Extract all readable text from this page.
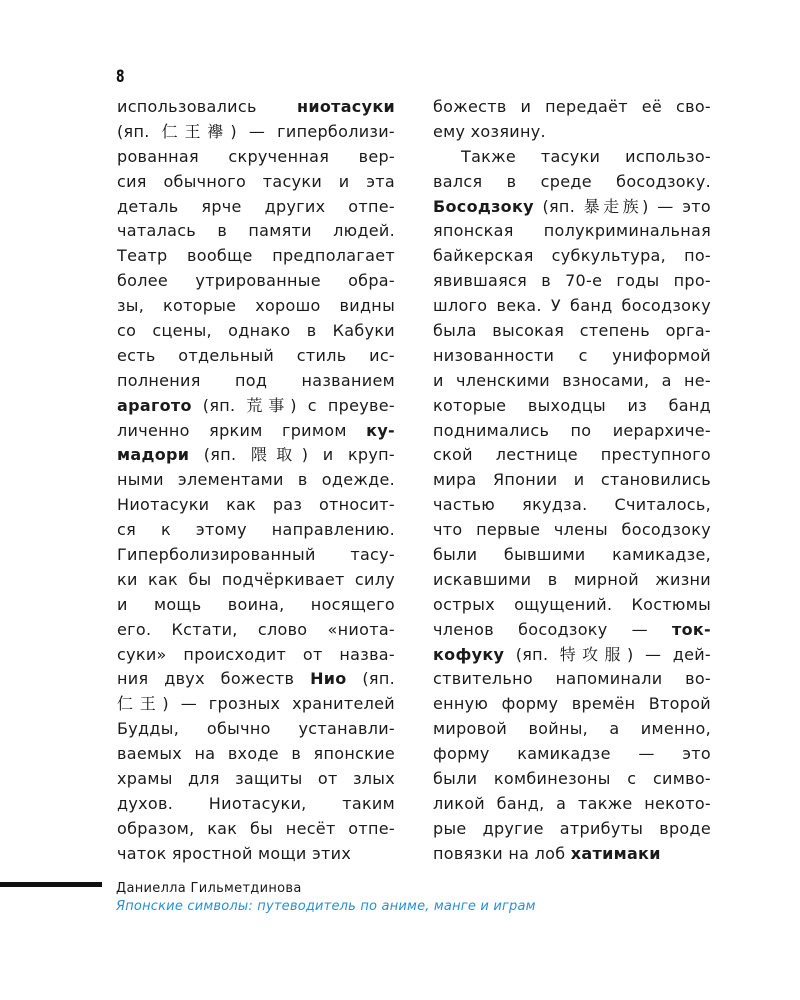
8
использовались ниотасуки
(яп. 仁王襷) — гиперболизи-
рованная скрученная вер-
сия обычного тасуки и эта
деталь ярче других отпе-
чаталась в памяти людей.
Театр вообще предполагает
более утрированные обра-
зы, которые хорошо видны
со сцены, однако в Кабуки
есть отдельный стиль ис-
полнения под названием
арагото (яп. 荒事) с преуве-
личенно ярким гримом ку-
мадори (яп. 隈取) и круп-
ными элементами в одежде.
Ниотасуки как раз относит-
ся к этому направлению.
Гиперболизированный тасу-
ки как бы подчёркивает силу
и мощь воина, носящего
его. Кстати, слово «ниота-
суки» происходит от назва-
ния двух божеств Нио (яп.
仁王) — грозных хранителей
Будды, обычно устанавли-
ваемых на входе в японские
храмы для защиты от злых
духов. Ниотасуки, таким
образом, как бы несёт отпе-
чаток яростной мощи этих
божеств и передаёт её сво-
ему хозяину.
Также тасуки использо-
вался в среде босодзоку.
Босодзоку (яп. 暴走族) — это
японская полукриминальная
байкерская субкультура, по-
явившаяся в 70-е годы про-
шлого века. У банд босодзоку
была высокая степень орга-
низованности с униформой
и членскими взносами, а не-
которые выходцы из банд
поднимались по иерархиче-
ской лестнице преступного
мира Японии и становились
частью якудза. Считалось,
что первые члены босодзоку
были бывшими камикадзе,
искавшими в мирной жизни
острых ощущений. Костюмы
членов босодзоку — ток-
кофуку (яп. 特攻服) — дей-
ствительно напоминали во-
енную форму времён Второй
мировой войны, а именно,
форму камикадзе — это
были комбинезоны с симво-
ликой банд, а также некото-
рые другие атрибуты вроде
повязки на лоб хатимаки
Даниелла Гильметдинова
Японские символы: путеводитель по аниме, манге и играм
